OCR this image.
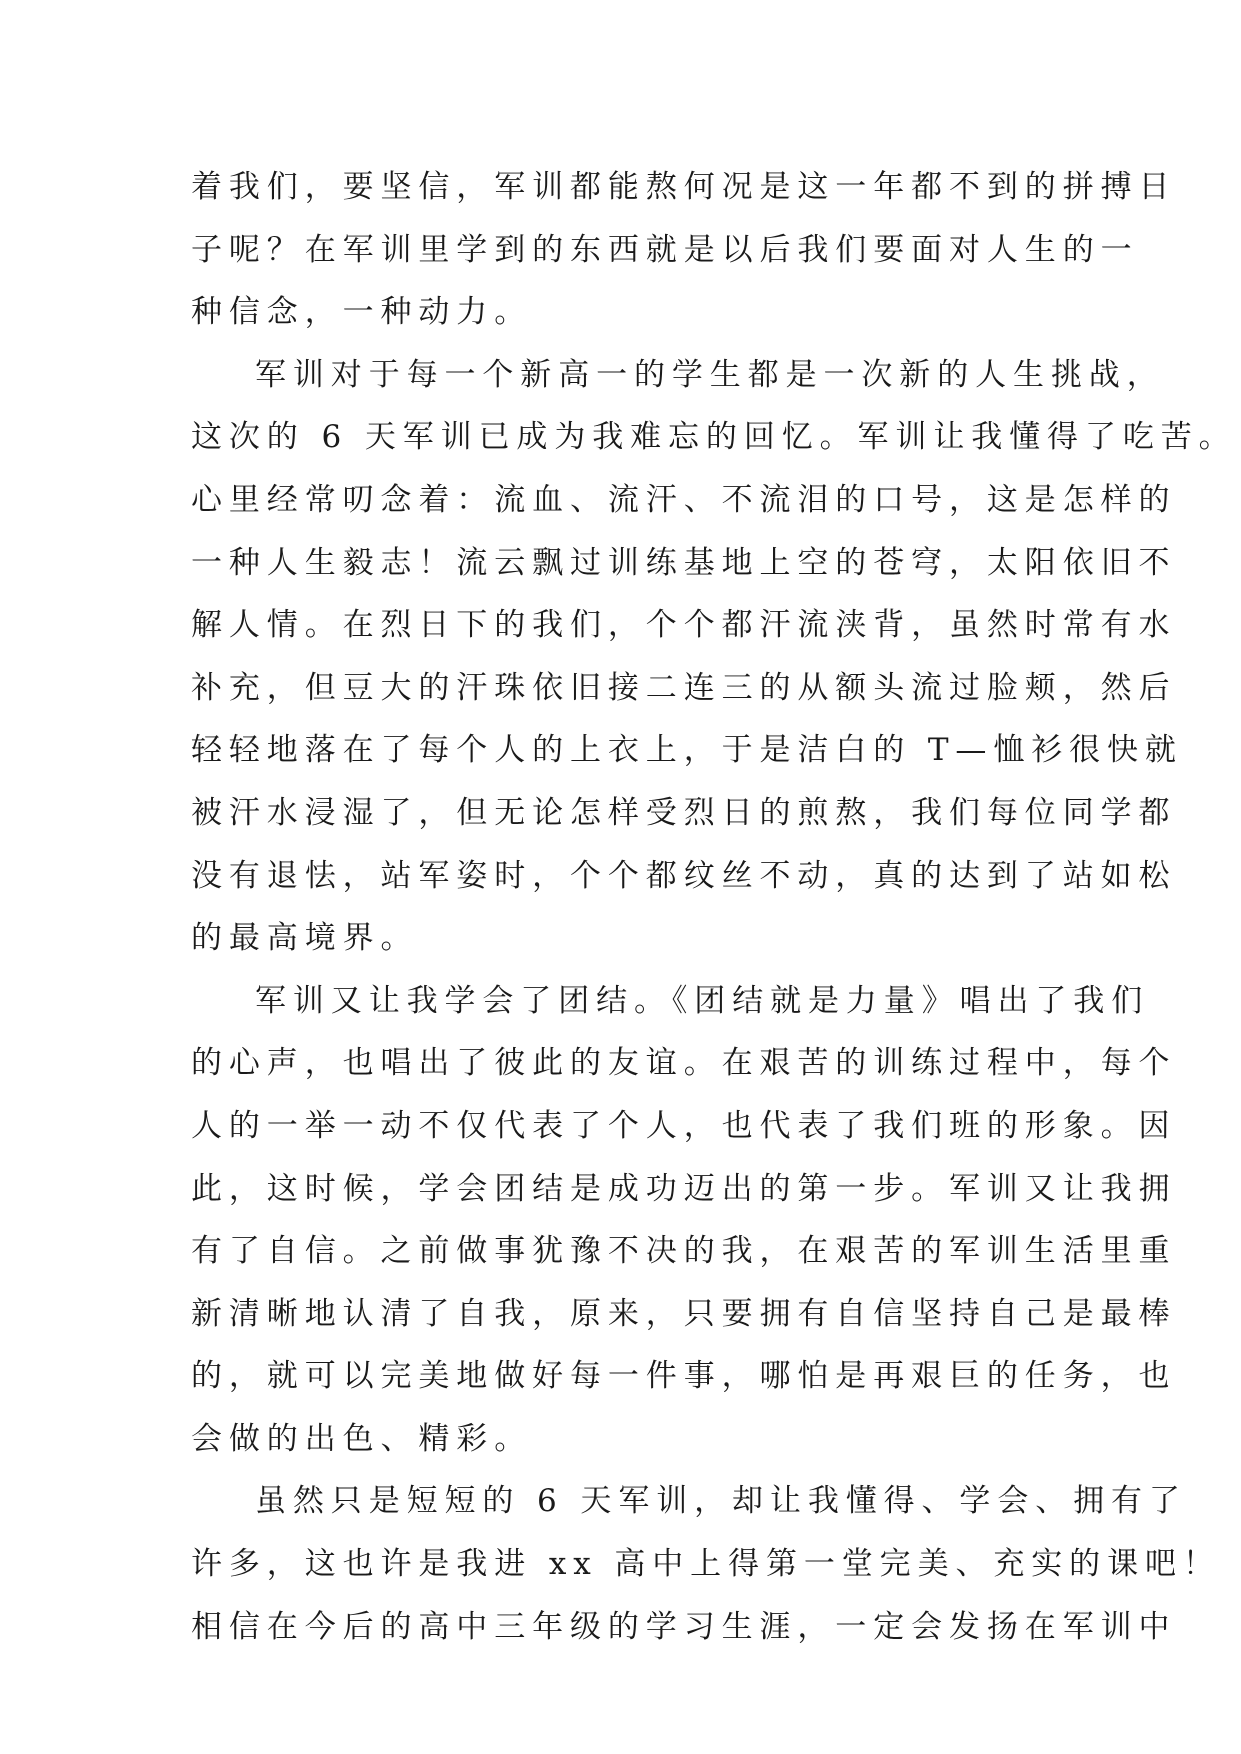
着我们，要坚信，军训都能熬何况是这一年都不到的拼搏日
子呢？在军训里学到的东西就是以后我们要面对人生的一
种信念，一种动力。
军训对于每一个新高一的学生都是一次新的人生挑战，
这次的 6 天军训已成为我难忘的回忆。军训让我懂得了吃苦。
心里经常叨念着：流血、流汗、不流泪的口号，这是怎样的
一种人生毅志！流云飘过训练基地上空的苍穹，太阳依旧不
解人情。在烈日下的我们，个个都汗流浃背，虽然时常有水
补充，但豆大的汗珠依旧接二连三的从额头流过脸颊，然后
轻轻地落在了每个人的上衣上，于是洁白的 T—恤衫很快就
被汗水浸湿了，但无论怎样受烈日的煎熬，我们每位同学都
没有退怯，站军姿时，个个都纹丝不动，真的达到了站如松
的最高境界。
军训又让我学会了团结。《团结就是力量》唱出了我们
的心声，也唱出了彼此的友谊。在艰苦的训练过程中，每个
人的一举一动不仅代表了个人，也代表了我们班的形象。因
此，这时候，学会团结是成功迈出的第一步。军训又让我拥
有了自信。之前做事犹豫不决的我，在艰苦的军训生活里重
新清晰地认清了自我，原来，只要拥有自信坚持自己是最棒
的，就可以完美地做好每一件事，哪怕是再艰巨的任务，也
会做的出色、精彩。
虽然只是短短的 6 天军训，却让我懂得、学会、拥有了
许多，这也许是我进 xx 高中上得第一堂完美、充实的课吧！
相信在今后的高中三年级的学习生涯，一定会发扬在军训中
